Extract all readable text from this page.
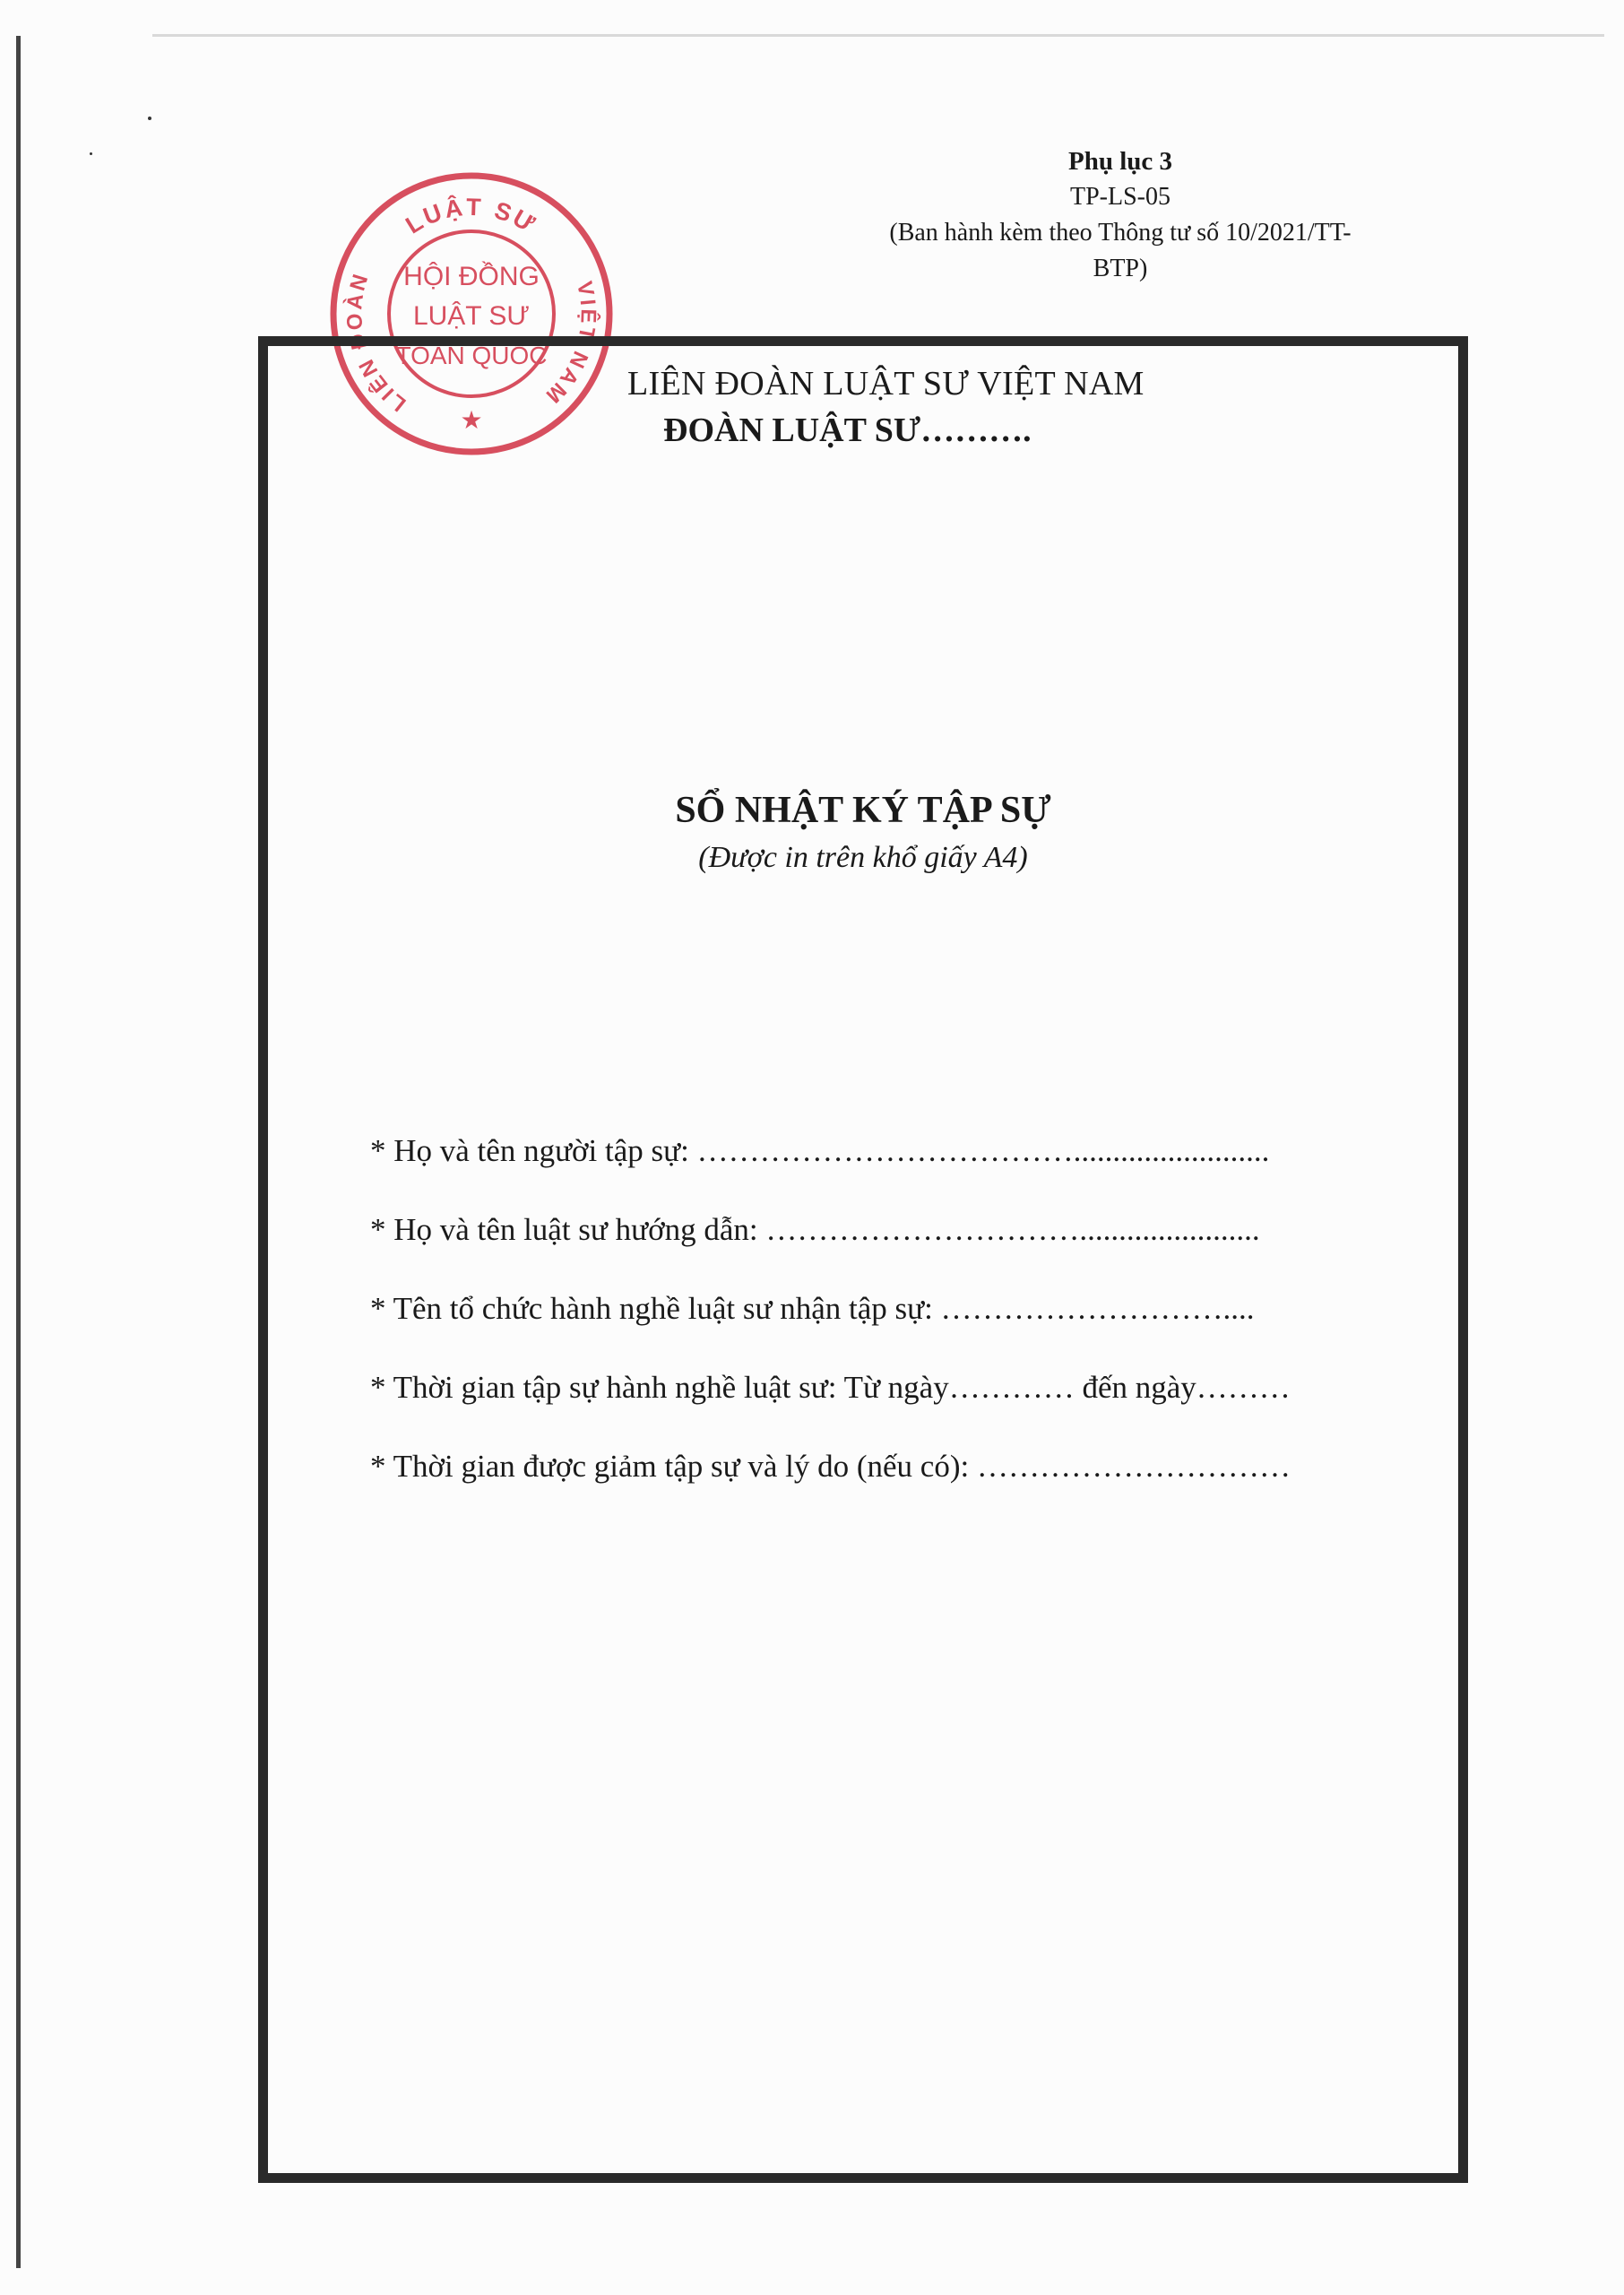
Phụ lục 3
TP-LS-05
(Ban hành kèm theo Thông tư số 10/2021/TT-
BTP)
LUẬT SƯ
LIÊN ĐOÀN	VIỆT NAM
HỘI ĐỒNG
LUẬT SƯ
TOÀN QUỐC
★
LIÊN ĐOÀN LUẬT SƯ VIỆT NAM
ĐOÀN LUẬT SƯ……….
SỔ NHẬT KÝ TẬP SỰ
(Được in trên khổ giấy A4)
* Họ và tên người tập sự: ……………………………….........................
* Họ và tên luật sư hướng dẫn: ………………………….......................
* Tên tổ chức hành nghề luật sư nhận tập sự: ………………………....
* Thời gian tập sự hành nghề luật sư: Từ ngày………… đến ngày………
* Thời gian được giảm tập sự và lý do (nếu có): …………………………
